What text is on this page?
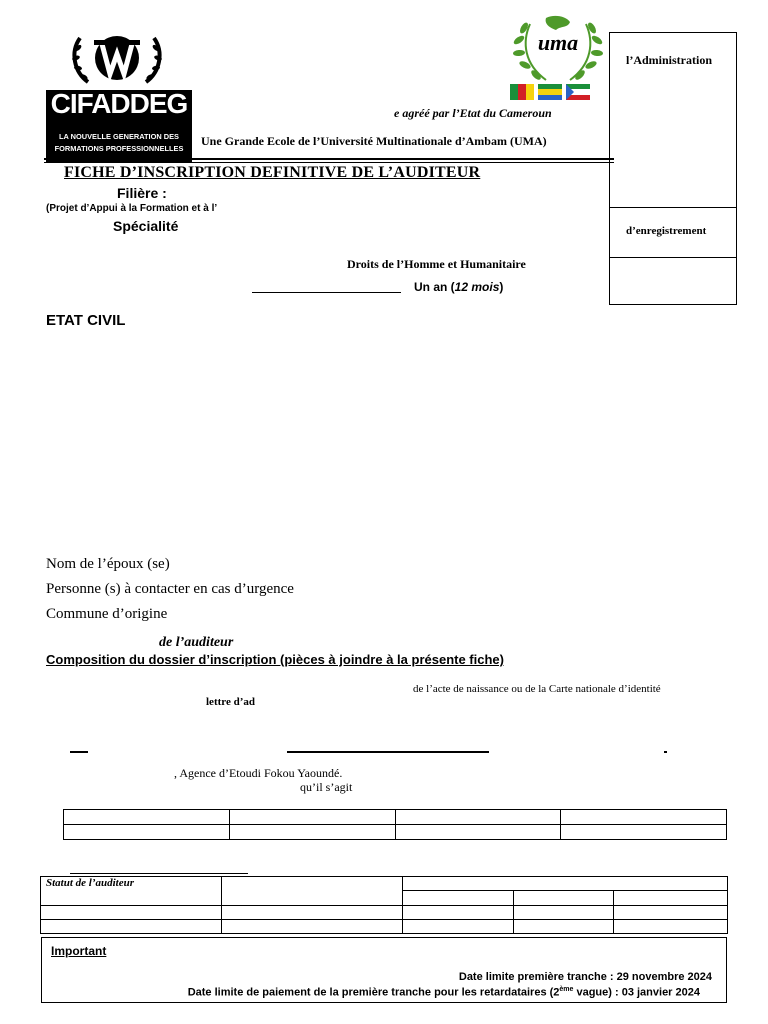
CIFADDEG
LA NOUVELLE GENERATION DES
FORMATIONS PROFESSIONNELLES
uma
e agréé par l’Etat du Cameroun
Une Grande Ecole de l’Université Multinationale d’Ambam (UMA)
l’Administration
d’enregistrement
FICHE D’INSCRIPTION DEFINITIVE DE L’AUDITEUR
Filière :
(Projet d’Appui à la Formation et à l’
Spécialité
Droits de l’Homme et Humanitaire
Un an (12 mois)
ETAT CIVIL
Nom de l’époux (se)
Personne (s) à contacter en cas d’urgence
Commune d’origine
de l’auditeur
Composition du dossier d’inscription (pièces à joindre à la présente fiche)
de l’acte de naissance ou de la Carte nationale d’identité
lettre d’ad
, Agence d’Etoudi Fokou Yaoundé.
qu’il s’agit

Statut de l’auditeur
Important
Date limite première tranche : 29 novembre 2024
Date limite de paiement de la première tranche pour les retardataires (2ème vague) : 03 janvier 2024
